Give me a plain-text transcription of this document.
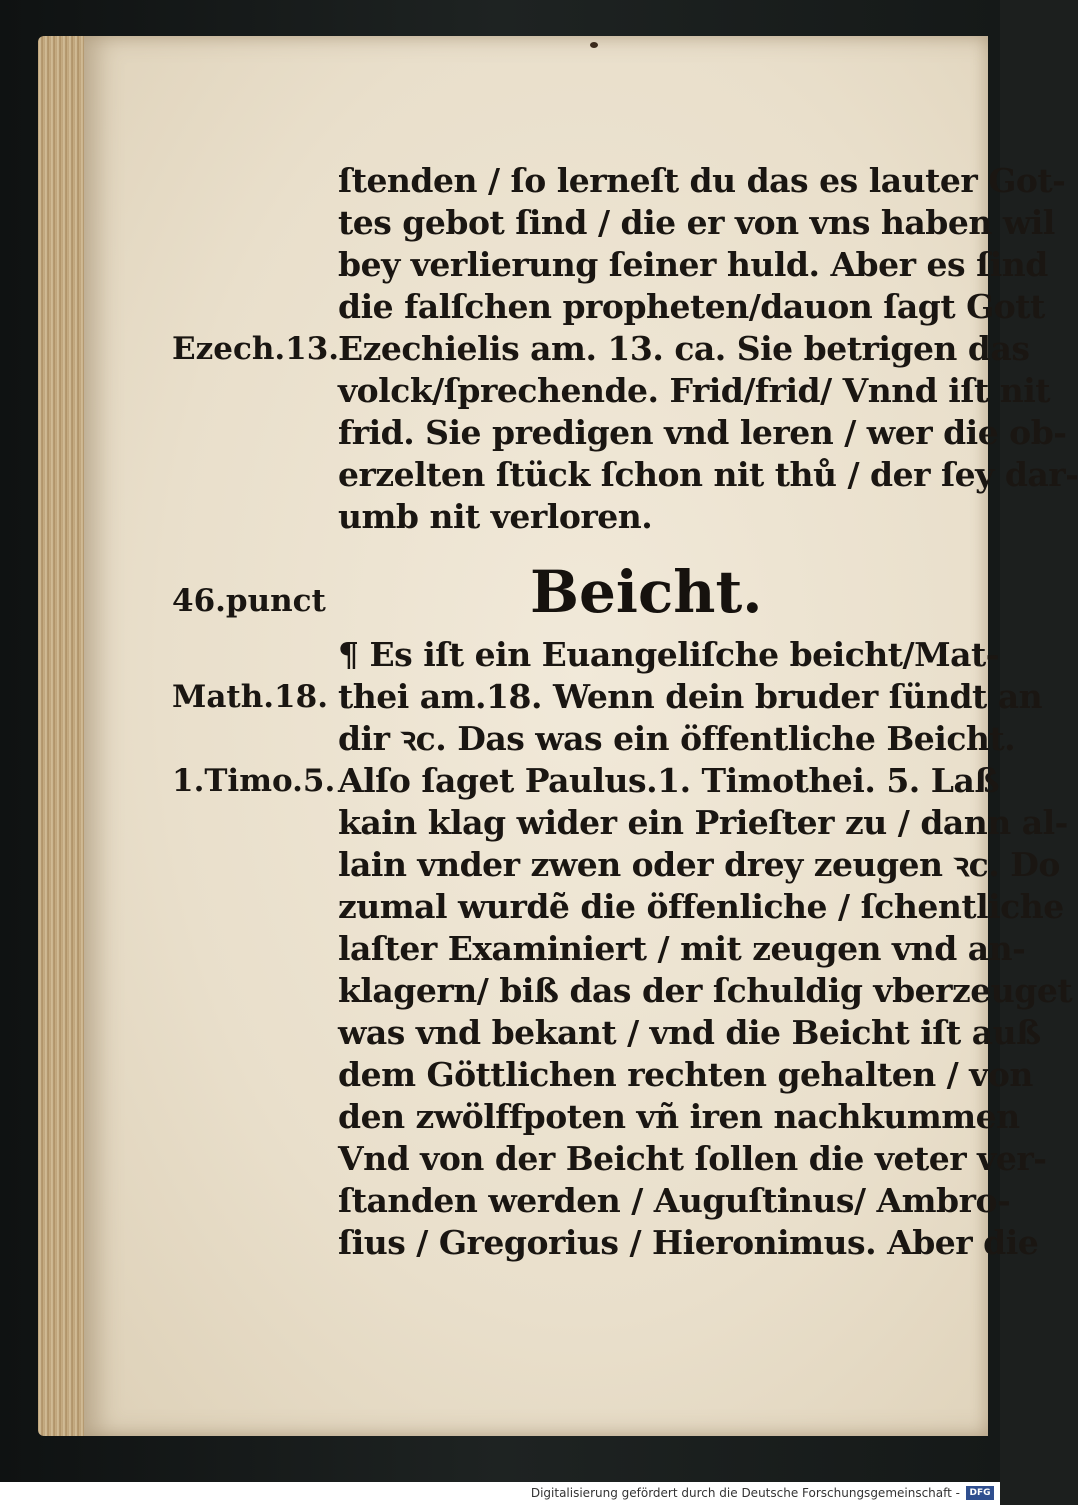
ſtenden / ſo lerneſt du das es lauter Got-
tes gebot ſind / die er von vns haben wil
bey verlierung ſeiner huld. Aber es ſind
die falſchen propheten/dauon ſagt Gott
Ezechielis am. 13. ca. Sie betrigen das
volck/ſprechende. Frid/frid/ Vnnd iſt nit
frid. Sie predigen vnd leren / wer die ob-
erzelten ſtück ſchon nit thů / der ſey dar-
umb nit verloren.
Ezech.13.
46.punct	Beicht.
¶ Es iſt ein Euangeliſche beicht/Mat-
thei am.18. Wenn dein bruder ſündt an
dir ꝛc. Das was ein öffentliche Beicht.
Alſo ſaget Paulus.1. Timothei. 5. Laß
kain klag wider ein Prieſter zu / dann al-
lain vnder zwen oder drey zeugen ꝛc. Do
zumal wurdẽ die öffenliche / ſchentliche
laſter Examiniert / mit zeugen vnd an-
klagern/ biß das der ſchuldig vberzeuget
was vnd bekant / vnd die Beicht iſt auß
dem Göttlichen rechten gehalten / von
den zwölffpoten vñ iren nachkummen
Vnd von der Beicht ſollen die veter ver-
ſtanden werden / Auguſtinus/ Ambro-
ſius / Gregorius / Hieronimus. Aber die
Math.18.
1.Timo.5.
Digitalisierung gefördert durch die Deutsche Forschungsgemeinschaft -	DFG
